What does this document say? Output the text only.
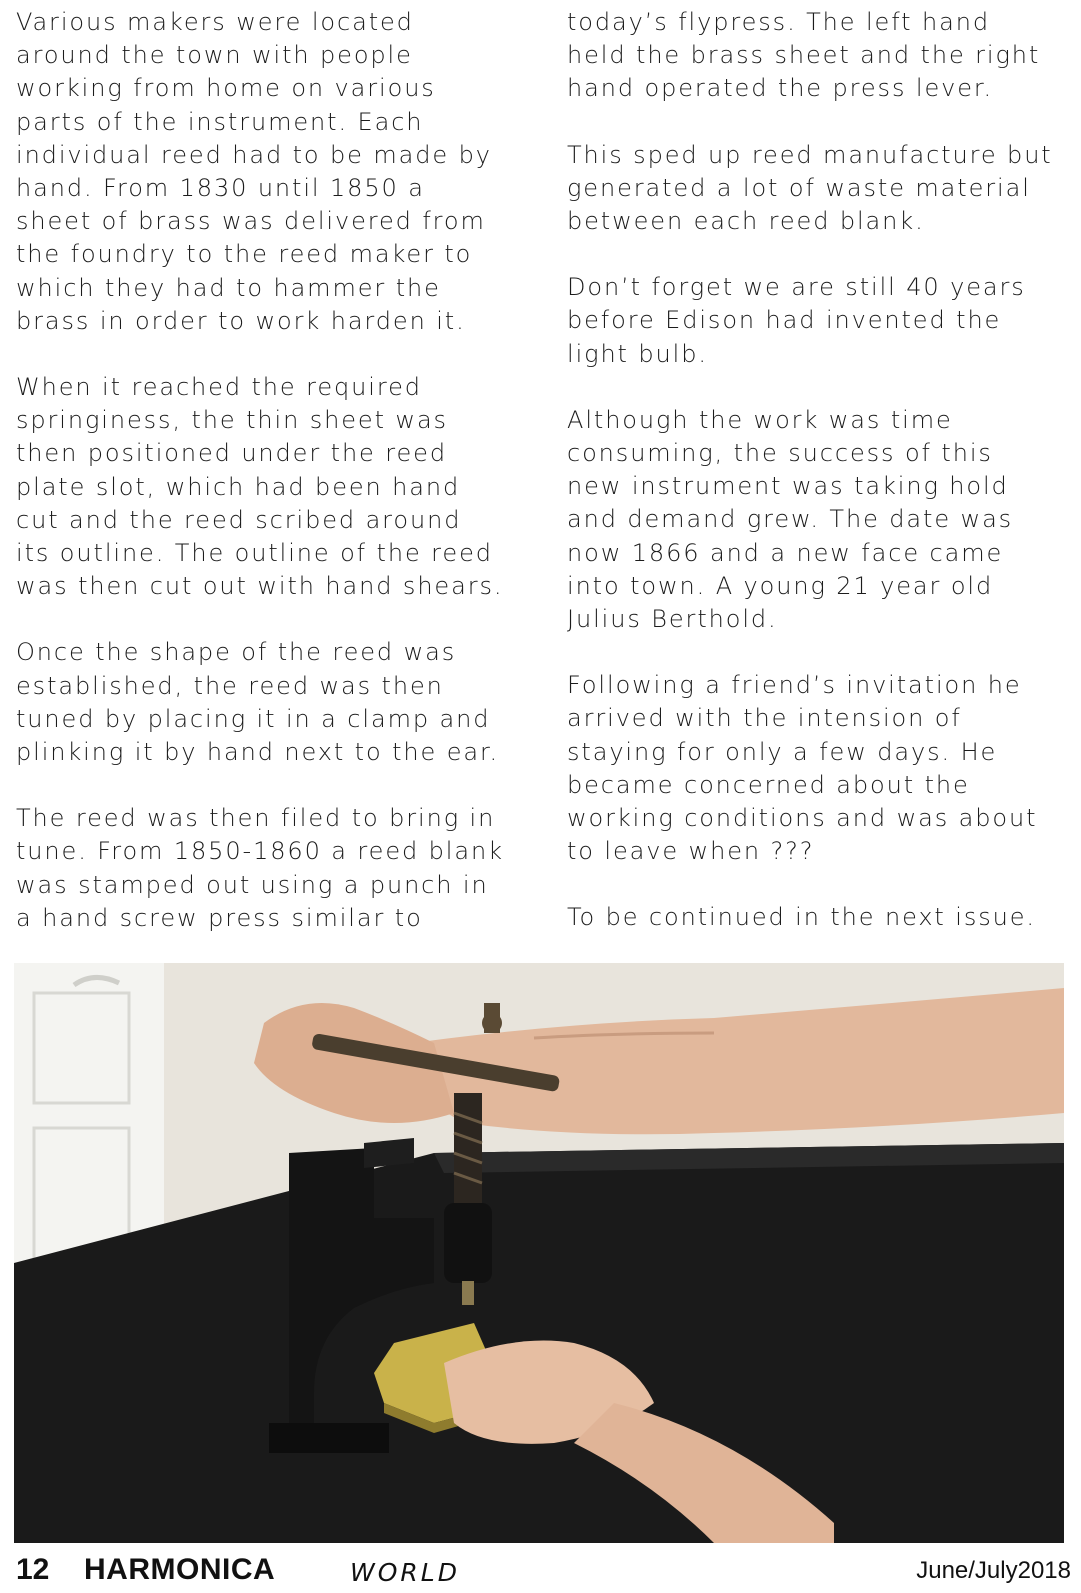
Various makers were located
around the town with people
working from home on various
parts of the instrument. Each
individual reed had to be made by
hand. From 1830 until 1850 a
sheet of brass was delivered from
the foundry to the reed maker to
which they had to hammer the
brass in order to work harden it.

When it reached the required
springiness, the thin sheet was
then positioned under the reed
plate slot, which had been hand
cut and the reed scribed around
its outline. The outline of the reed
was then cut out with hand shears.

Once the shape of the reed was
established, the reed was then
tuned by placing it in a clamp and
plinking it by hand next to the ear.

The reed was then filed to bring in
tune. From 1850-1860 a reed blank
was stamped out using a punch in
a hand screw press similar to

today’s flypress. The left hand
held the brass sheet and the right
hand operated the press lever.

This sped up reed manufacture but
generated a lot of waste material
between each reed blank.

Don’t forget we are still 40 years
before Edison had invented the
light bulb.

Although the work was time
consuming, the success of this
new instrument was taking hold
and demand grew. The date was
now 1866 and a new face came
into town. A young 21 year old
Julius Berthold.

Following a friend’s invitation he
arrived with the intension of
staying for only a few days. He
became concerned about the
working conditions and was about
to leave when ???

To be continued in the next issue.

12 HARMONICA	WORLD	June/July2018
